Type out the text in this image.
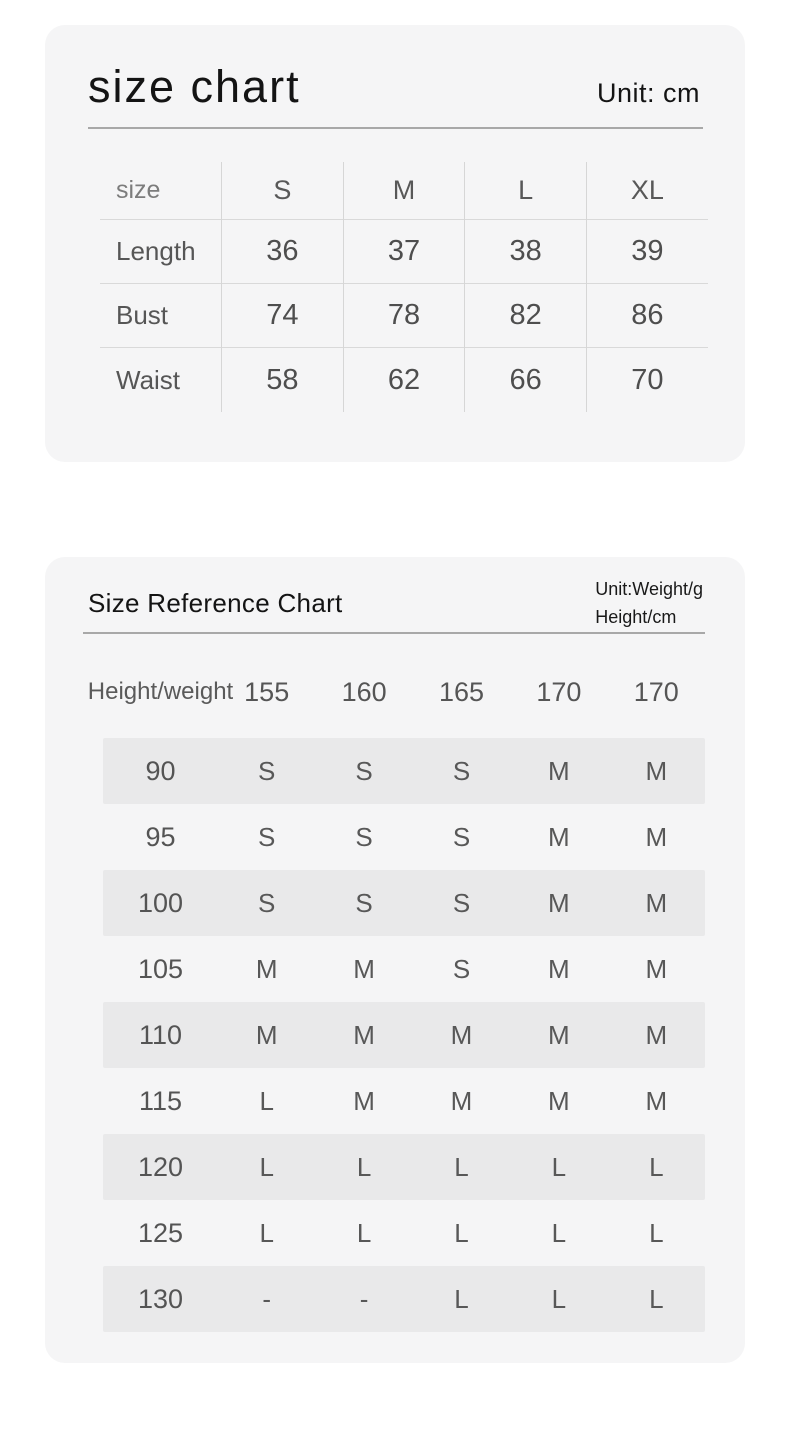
size chart	Unit: cm
size	S	M	L	XL
Length	36	37	38	39
Bust	74	78	82	86
Waist	58	62	66	70
Size Reference Chart	Unit:Weight/g
Height/cm
Height/weight 155	160	165	170	170
90	S	S	S	M	M
95	S	S	S	M	M
100	S	S	S	M	M
105	M	M	S	M	M
110	M	M	M	M	M
115	L	M	M	M	M
120	L	L	L	L	L
125	L	L	L	L	L
130	-	-	L	L	L
